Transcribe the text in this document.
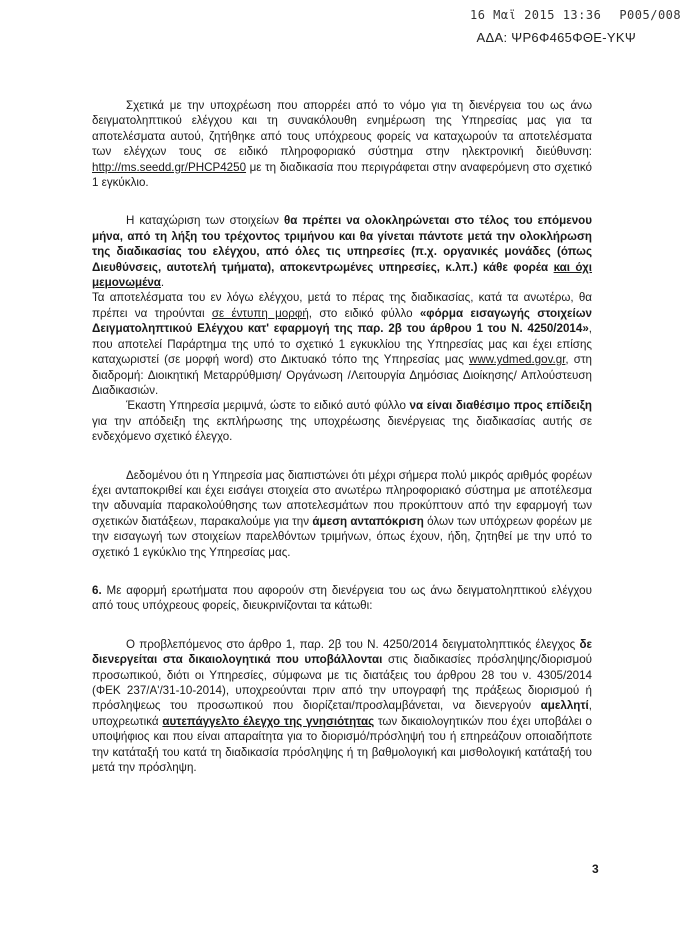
16 Μαϊ 2015 13:36 P005/008
ΑΔΑ: ΨΡ6Φ465ΦΘΕ-ΥΚΨ

Σχετικά με την υποχρέωση που απορρέει από το νόμο για τη διενέργεια του ως άνω δειγματοληπτικού ελέγχου και τη συνακόλουθη ενημέρωση της Υπηρεσίας μας για τα αποτελέσματα αυτού, ζητήθηκε από τους υπόχρεους φορείς να καταχωρούν τα αποτελέσματα των ελέγχων τους σε ειδικό πληροφοριακό σύστημα στην ηλεκτρονική διεύθυνση: http://ms.seedd.gr/PHCP4250 με τη διαδικασία που περιγράφεται στην αναφερόμενη στο σχετικό 1 εγκύκλιο.

Η καταχώριση των στοιχείων θα πρέπει να ολοκληρώνεται στο τέλος του επόμενου μήνα, από τη λήξη του τρέχοντος τριμήνου και θα γίνεται πάντοτε μετά την ολοκλήρωση της διαδικασίας του ελέγχου, από όλες τις υπηρεσίες (π.χ. οργανικές μονάδες (όπως Διευθύνσεις, αυτοτελή τμήματα), αποκεντρωμένες υπηρεσίες, κ.λπ.) κάθε φορέα και όχι μεμονωμένα.

Τα αποτελέσματα του εν λόγω ελέγχου, μετά το πέρας της διαδικασίας, κατά τα ανωτέρω, θα πρέπει να τηρούνται σε έντυπη μορφή, στο ειδικό φύλλο «φόρμα εισαγωγής στοιχείων Δειγματοληπτικού Ελέγχου κατ' εφαρμογή της παρ. 2β του άρθρου 1 του Ν. 4250/2014», που αποτελεί Παράρτημα της υπό το σχετικό 1 εγκυκλίου της Υπηρεσίας μας και έχει επίσης καταχωριστεί (σε μορφή word) στο Δικτυακό τόπο της Υπηρεσίας μας www.ydmed.gov.gr, στη διαδρομή: Διοικητική Μεταρρύθμιση/ Οργάνωση /Λειτουργία Δημόσιας Διοίκησης/ Απλούστευση Διαδικασιών.

Έκαστη Υπηρεσία μεριμνά, ώστε το ειδικό αυτό φύλλο να είναι διαθέσιμο προς επίδειξη για την απόδειξη της εκπλήρωσης της υποχρέωσης διενέργειας της διαδικασίας αυτής σε ενδεχόμενο σχετικό έλεγχο.

Δεδομένου ότι η Υπηρεσία μας διαπιστώνει ότι μέχρι σήμερα πολύ μικρός αριθμός φορέων έχει ανταποκριθεί και έχει εισάγει στοιχεία στο ανωτέρω πληροφοριακό σύστημα με αποτέλεσμα την αδυναμία παρακολούθησης των αποτελεσμάτων που προκύπτουν από την εφαρμογή των σχετικών διατάξεων, παρακαλούμε για την άμεση ανταπόκριση όλων των υπόχρεων φορέων με την εισαγωγή των στοιχείων παρελθόντων τριμήνων, όπως έχουν, ήδη, ζητηθεί με την υπό το σχετικό 1 εγκύκλιο της Υπηρεσίας μας.

6. Με αφορμή ερωτήματα που αφορούν στη διενέργεια του ως άνω δειγματοληπτικού ελέγχου από τους υπόχρεους φορείς, διευκρινίζονται τα κάτωθι:

Ο προβλεπόμενος στο άρθρο 1, παρ. 2β του Ν. 4250/2014 δειγματοληπτικός έλεγχος δε διενεργείται στα δικαιολογητικά που υποβάλλονται στις διαδικασίες πρόσληψης/διορισμού προσωπικού, διότι οι Υπηρεσίες, σύμφωνα με τις διατάξεις του άρθρου 28 του ν. 4305/2014 (ΦΕΚ 237/Α'/31-10-2014), υποχρεούνται πριν από την υπογραφή της πράξεως διορισμού ή πρόσληψεως του προσωπικού που διορίζεται/προσλαμβάνεται, να διενεργούν αμελλητί, υποχρεωτικά αυτεπάγγελτο έλεγχο της γνησιότητας των δικαιολογητικών που έχει υποβάλει ο υποψήφιος και που είναι απαραίτητα για το διορισμό/πρόσληψή του ή επηρεάζουν οποιαδήποτε την κατάταξή του κατά τη διαδικασία πρόσληψης ή τη βαθμολογική και μισθολογική κατάταξή του μετά την πρόσληψη.

3
